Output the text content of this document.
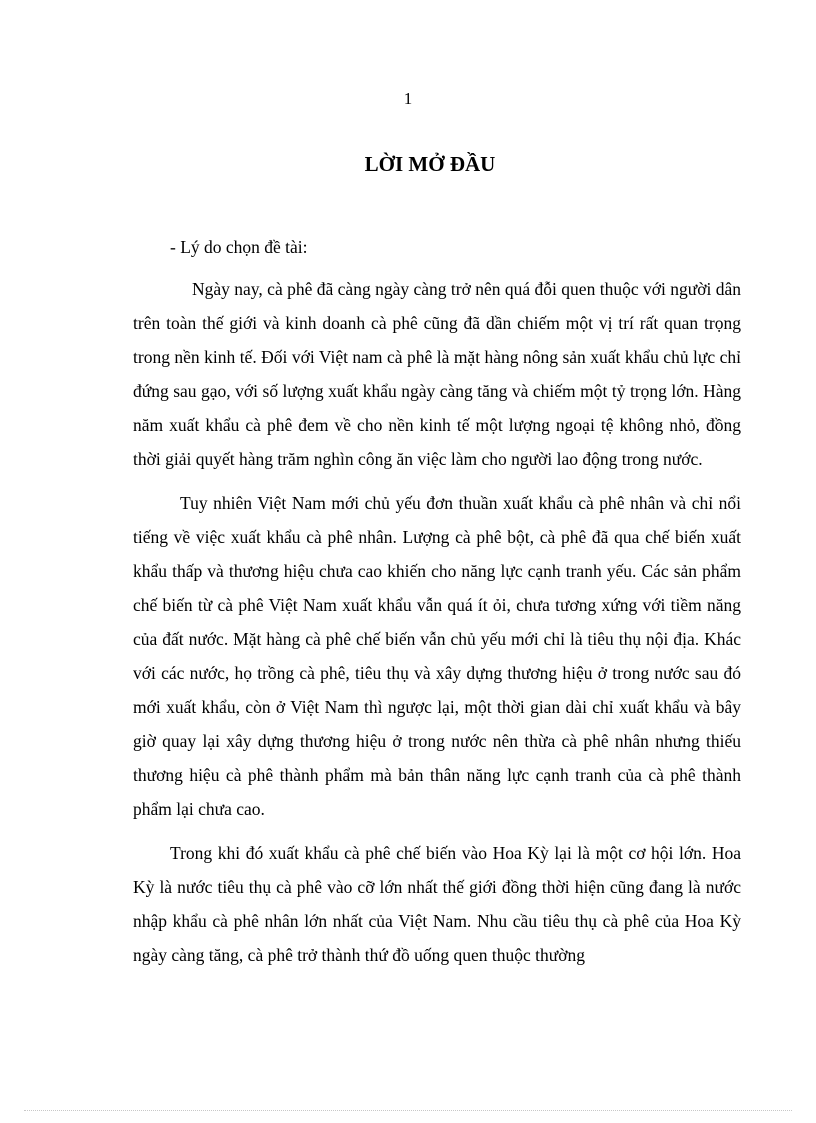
1
LỜI MỞ ĐẦU

- Lý do chọn đề tài:

Ngày nay, cà phê đã càng ngày càng trở nên quá đỗi quen thuộc với người dân trên toàn thế giới và kinh doanh cà phê cũng đã dần chiếm một vị trí rất quan trọng trong nền kinh tế. Đối với Việt nam cà phê là mặt hàng nông sản xuất khẩu chủ lực chỉ đứng sau gạo, với số lượng xuất khẩu ngày càng tăng và chiếm một tỷ trọng lớn. Hàng năm xuất khẩu cà phê đem về cho nền kinh tế một lượng ngoại tệ không nhỏ, đồng thời giải quyết hàng trăm nghìn công ăn việc làm cho người lao động trong nước.

Tuy nhiên Việt Nam mới chủ yếu đơn thuần xuất khẩu cà phê nhân và chỉ nổi tiếng về việc xuất khẩu cà phê nhân. Lượng cà phê bột, cà phê đã qua chế biến xuất khẩu thấp và thương hiệu chưa cao khiến cho năng lực cạnh tranh yếu. Các sản phẩm chế biến từ cà phê Việt Nam xuất khẩu vẫn quá ít ỏi, chưa tương xứng với tiềm năng của đất nước. Mặt hàng cà phê chế biến vẫn chủ yếu mới chỉ là tiêu thụ nội địa. Khác với các nước, họ trồng cà phê, tiêu thụ và xây dựng thương hiệu ở trong nước sau đó mới xuất khẩu, còn ở Việt Nam thì ngược lại, một thời gian dài chỉ xuất khẩu và bây giờ quay lại xây dựng thương hiệu ở trong nước nên thừa cà phê nhân nhưng thiếu thương hiệu cà phê thành phẩm mà bản thân năng lực cạnh tranh của cà phê thành phẩm lại chưa cao.

Trong khi đó xuất khẩu cà phê chế biến vào Hoa Kỳ lại là một cơ hội lớn. Hoa Kỳ là nước tiêu thụ cà phê vào cỡ lớn nhất thế giới đồng thời hiện cũng đang là nước nhập khẩu cà phê nhân lớn nhất của Việt Nam. Nhu cầu tiêu thụ cà phê của Hoa Kỳ ngày càng tăng, cà phê trở thành thứ đồ uống quen thuộc thường
